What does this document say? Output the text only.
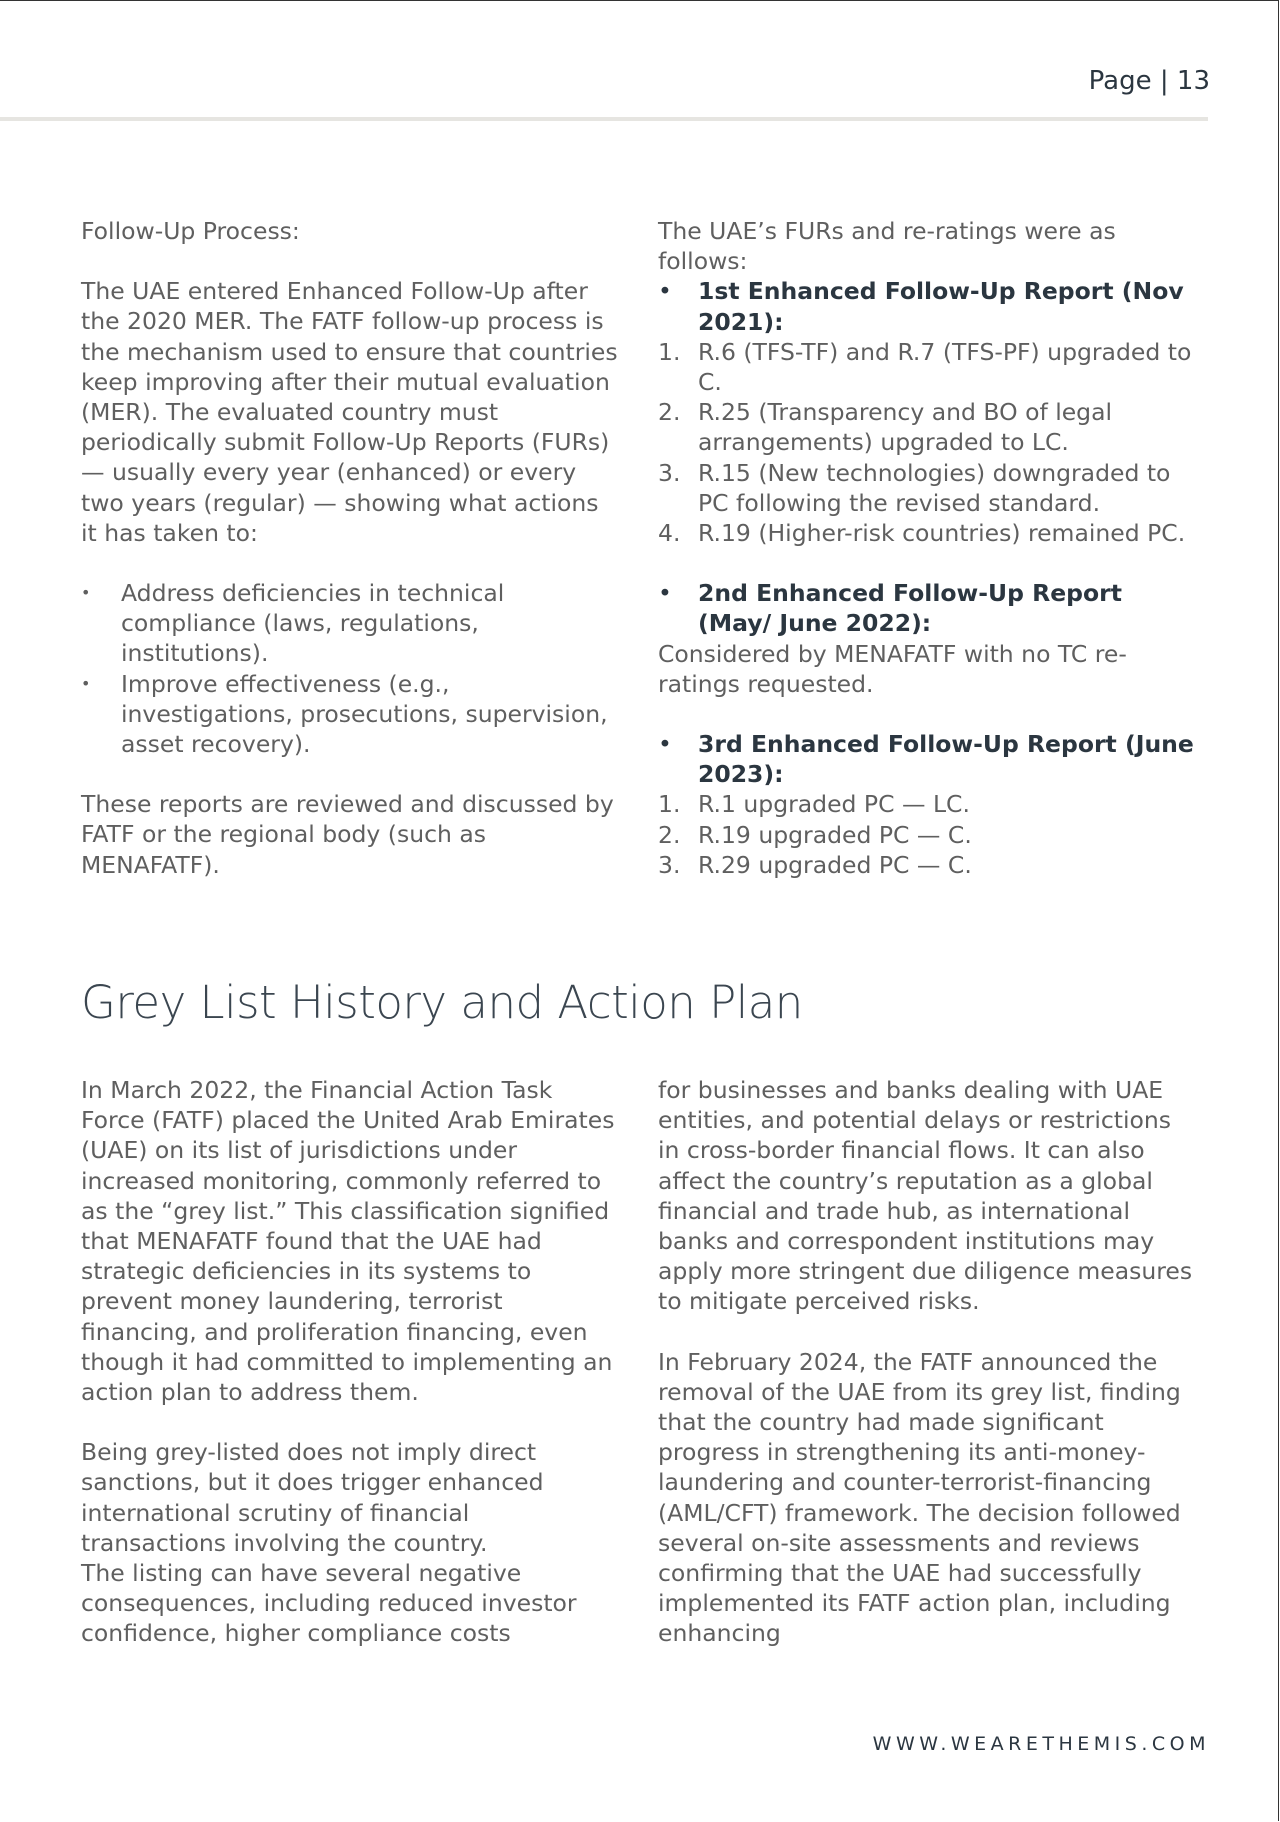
Page | 13

Follow-Up Process:

The UAE entered Enhanced Follow-Up after the 2020 MER. The FATF follow-up process is the mechanism used to ensure that countries keep improving after their mutual evaluation (MER). The evaluated country must periodically submit Follow-Up Reports (FURs) — usually every year (enhanced) or every two years (regular) — showing what actions it has taken to:

• Address deficiencies in technical compliance (laws, regulations, institutions).
• Improve effectiveness (e.g., investigations, prosecutions, supervision, asset recovery).

These reports are reviewed and discussed by FATF or the regional body (such as MENAFATF).

The UAE’s FURs and re-ratings were as follows:

• 1st Enhanced Follow-Up Report (Nov 2021):
1. R.6 (TFS-TF) and R.7 (TFS-PF) upgraded to C.
2. R.25 (Transparency and BO of legal arrangements) upgraded to LC.
3. R.15 (New technologies) downgraded to PC following the revised standard.
4. R.19 (Higher-risk countries) remained PC.
• 2nd Enhanced Follow-Up Report (May/ June 2022):

Considered by MENAFATF with no TC re-ratings requested.

• 3rd Enhanced Follow-Up Report (June 2023):
1. R.1 upgraded PC — LC.
2. R.19 upgraded PC — C.
3. R.29 upgraded PC — C.
Grey List History and Action Plan

In March 2022, the Financial Action Task Force (FATF) placed the United Arab Emirates (UAE) on its list of jurisdictions under increased monitoring, commonly referred to as the “grey list.” This classification signified that MENAFATF found that the UAE had strategic deficiencies in its systems to prevent money laundering, terrorist financing, and proliferation financing, even though it had committed to implementing an action plan to address them.

Being grey-listed does not imply direct sanctions, but it does trigger enhanced international scrutiny of financial transactions involving the country.

The listing can have several negative consequences, including reduced investor confidence, higher compliance costs

for businesses and banks dealing with UAE entities, and potential delays or restrictions in cross-border financial flows. It can also affect the country’s reputation as a global financial and trade hub, as international banks and correspondent institutions may apply more stringent due diligence measures to mitigate perceived risks.

In February 2024, the FATF announced the removal of the UAE from its grey list, finding that the country had made significant progress in strengthening its anti-money-laundering and counter-terrorist-financing (AML/CFT) framework. The decision followed several on-site assessments and reviews confirming that the UAE had successfully implemented its FATF action plan, including enhancing

WWW.WEARETHEMIS.COM
